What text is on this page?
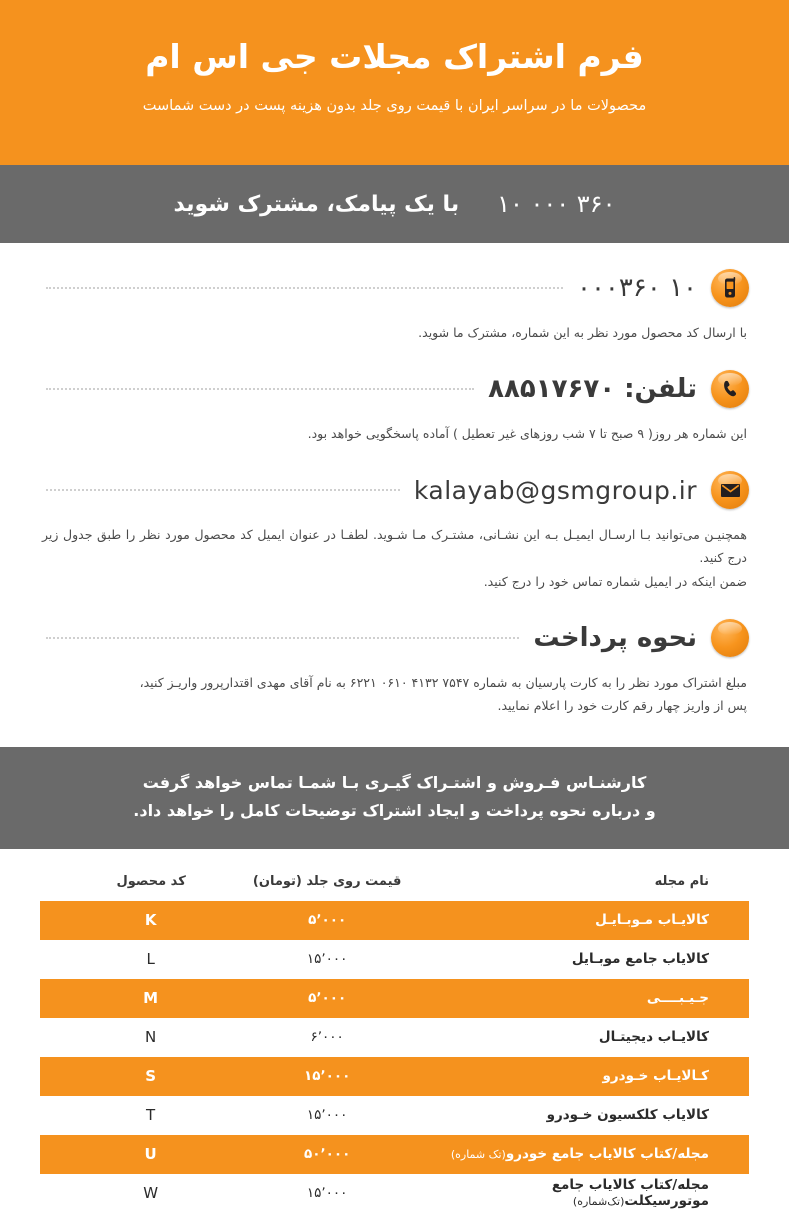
فرم اشتراک مجلات جی اس ام
محصولات ما در سراسر ایران با قیمت روی جلد بدون هزینه پست در دست شماست
۱۰ ۰۰۰ ۳۶۰
با یک پیامک، مشترک شوید
۱۰ ۰۰۰۳۶۰
با ارسال کد محصول مورد نظر به این شماره، مشترک ما شوید.
تلفن: ۸۸۵۱۷۶۷۰
این شماره هر روز( ۹ صبح تا ۷ شب روزهای غیر تعطیل ) آماده پاسخگویی خواهد بود.
kalayab@gsmgroup.ir
همچنیـن می‌توانید بـا ارسـال ایمیـل بـه این نشـانی، مشتـرک مـا شـوید. لطفـا در عنوان ایمیل کد محصول مورد نظر را طبق جدول زیر درج کنید.
ضمن اینکه در ایمیل شماره تماس خود را درج کنید.
نحوه پرداخت
مبلغ اشتراک مورد نظر را به کارت پارسیان به شماره ۷۵۴۷ ۴۱۳۲ ۰۶۱۰ ۶۲۲۱ به نام آقای مهدی اقتدارپرور واریـز کنید،
پس از واریز چهار رقم کارت خود را اعلام نمایید.
کارشنـاس فـروش و اشتـراک گیـری بـا شمـا تماس خواهد گرفت
و درباره نحوه پرداخت و ایجاد اشتراک توضیحات کامل را خواهد داد.
نام مجله	قیمت روی جلد (تومان)	کد محصول
کالایـاب مـوبـایـل	۵٬۰۰۰	K
کالایاب جامع موبـایل	۱۵٬۰۰۰	L
جـیـبــــی	۵٬۰۰۰	M
کالایـاب دیجیتـال	۶٬۰۰۰	N
کـالایـاب خـودرو	۱۵٬۰۰۰	S
کالایاب کلکسیون خـودرو	۱۵٬۰۰۰	T
مجله/کتاب کالایاب جامع خودرو(تک شماره)	۵۰٬۰۰۰	U
مجله/کتاب کالایاب جامع موتورسیکلت(تک‌شماره)	۱۵٬۰۰۰	W
